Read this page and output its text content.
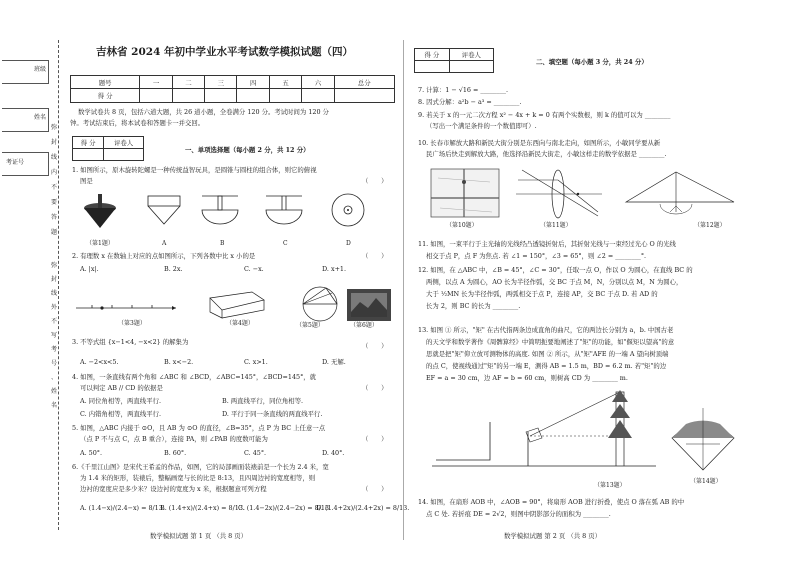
班级
姓名
考证号
弥
封
线
内
不
要
答
题
弥
封
线
外
不
写
考
号
、
姓
名
吉林省 2024 年初中学业水平考试数学模拟试题（四）
题号	一	二	三	四	五	六	总分
得 分							
数学试卷共 8 页，包括六道大题，共 26 道小题，全卷满分 120 分。考试时间为 120 分
钟。考试结束后，将本试卷和答题卡一并交回。
得 分	评卷人

一、单项选择题（每小题 2 分，共 12 分）
1. 如图所示，原木旋转陀螺是一种传统益智玩具，是圆锥与圆柱的组合体，则它的俯视
图是	（　　）
（第1题）	A	B	C	D
2. 有理数 x 在数轴上对应的点如图所示，下列各数中比 x 小的是	（　　）
A. |x|.	B. 2x.	C. −x.	D. x+1.
（第3题）	（第4题）	（第5题）	（第6题）
3. 不等式组 {x−1<4, −x<2} 的解集为	（　　）
A. −2<x<5.	B. x<−2.	C. x>1.	D. 无解.
4. 如图，一条直线有两个角和 ∠ABC 和 ∠BCD，∠ABC=145°，∠BCD=145°，就
可以判定 AB // CD 的依据是	（　　）
A. 同位角相等，两直线平行.	B. 两直线平行，同位角相等.
C. 内错角相等，两直线平行.	D. 平行于同一条直线的两直线平行.
5. 如图，△ABC 内接于 ⊙O，且 AB 为 ⊙O 的直径，∠B=35°，点 P 为 BC 上任意一点
（点 P 不与点 C，点 B 重合），连接 PA，则 ∠PAB 的度数可能为	（　　）
A. 50°.	B. 60°.	C. 45°.	D. 40°.
6.《千里江山图》是宋代王希孟的作品，如图，它的局部画面装裱前是一个长为 2.4 米，宽
为 1.4 米的矩形，装裱后，整幅画宽与长的比是 8:13，且四周边衬的宽度相等，则
边衬的宽度应是多少米？设边衬的宽度为 x 米，根据题意可列方程	（　　）
A. (1.4−x)/(2.4−x) = 8/13.
B. (1.4+x)/(2.4+x) = 8/13.
C. (1.4−2x)/(2.4−2x) = 8/13.
D. (1.4+2x)/(2.4+2x) = 8/13.
数学模拟试题 第 1 页 （共 8 页）
得 分	评卷人

二、填空题（每小题 3 分，共 24 分）
7. 计算：1 − √16 = ________.
8. 因式分解：a²b − a³ = ________.
9. 若关于 x 的一元二次方程 x² − 4x + k = 0 有两个实数根，则 k 的值可以为 ________
（写出一个满足条件的一个数值即可）.
10. 长春市解放大路和新民大街分别是东西向与南北走向，如图所示，小敏同学要从新
民广场后快走到解放大路，他选择沿新民大街走，小敏这样走的数学依据是 ________.
（第10题）	（第11题）	（第12题）
11. 如图，一束平行于主光轴的光线经凸透镜折射后，其折射光线与一束经过光心 O 的光线
相交于点 P，点 F 为焦点. 若 ∠1 = 150°，∠3 = 65°，则 ∠2 = ________°.
12. 如图，在 △ABC 中，∠B = 45°，∠C = 30°，任取一点 O，作以 O 为圆心，在直线 BC 的
两侧，以点 A 为圆心，AO 长为半径作弧，交 BC 于点 M，N，分别以点 M，N 为圆心，
大于 ½MN 长为半径作弧，两弧相交于点 P，连接 AP，交 BC 于点 D. 若 AD 的
长为 2，则 BC 的长为 ________.
13. 如图 ① 所示，"矩" 在古代指两条边成直角的曲尺，它的两边长分别为 a，b. 中国古老
的天文学和数学著作《周髀算经》中简明扼要地阐述了"矩"的功能，如"偃矩以望高"的意
思就是把"矩"仰立放可测物体的高度. 如图 ② 所示，从"矩"AFE 的一端 A 望向树顶端
的点 C，使视线通过"矩"的另一端 E，测得 AB = 1.5 m，BD = 6.2 m. 若"矩"的边
EF = a = 30 cm，边 AF = b = 60 cm，则树高 CD 为 ________ m.
（第13题）
（第14题）
14. 如图，在扇形 AOB 中，∠AOB = 90°，将扇形 AOB 进行折叠，使点 O 落在弧 AB 的中
点 C 处. 若折痕 DE = 2√2，则图中阴影部分的面积为 ________.
数学模拟试题 第 2 页 （共 8 页）
